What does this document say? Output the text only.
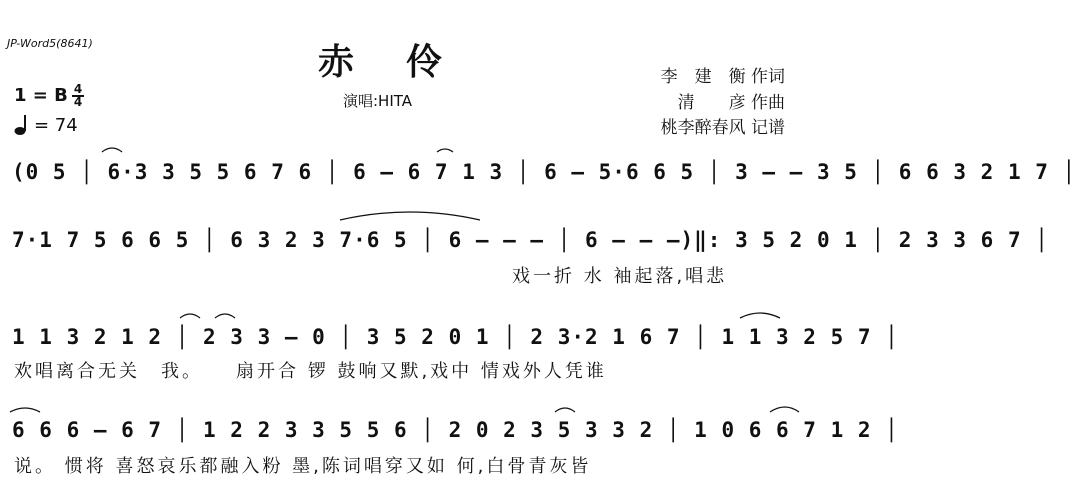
JP-Word5(8641)	赤伶
演唱:HITA
李　建　衡 作词
清　　彦 作曲
桃李醉春风 记谱
1 = B 4
4
= 74
(0 5 │ 6·3 3 5 5 6 7 6 │ 6 – 6 7 1 3 │ 6 – 5·6 6 5 │ 3 – – 3 5 │ 6 6 3 2 1 7 │
7·1 7 5 6 6 5 │ 6 3 2 3 7·6 5 │ 6 – – – │ 6 – – –)‖: 3 5 2 0 1 │ 2 3 3 6 7 │
戏一折 水 袖起落,唱悲
1 1 3 2 1 2 │ 2 3 3 – 0 │ 3 5 2 0 1 │ 2 3·2 1 6 7 │ 1 1 3 2 5 7 │
欢唱离合无关　我。　　扇开合 锣 鼓响又默,戏中 情戏外人凭谁
6 6 6 – 6 7 │ 1 2 2 3 3 5 5 6 │ 2 0 2 3 5 3 3 2 │ 1 0 6 6 7 1 2 │
说。 惯将 喜怒哀乐都融入粉 墨,陈词唱穿又如 何,白骨青灰皆
